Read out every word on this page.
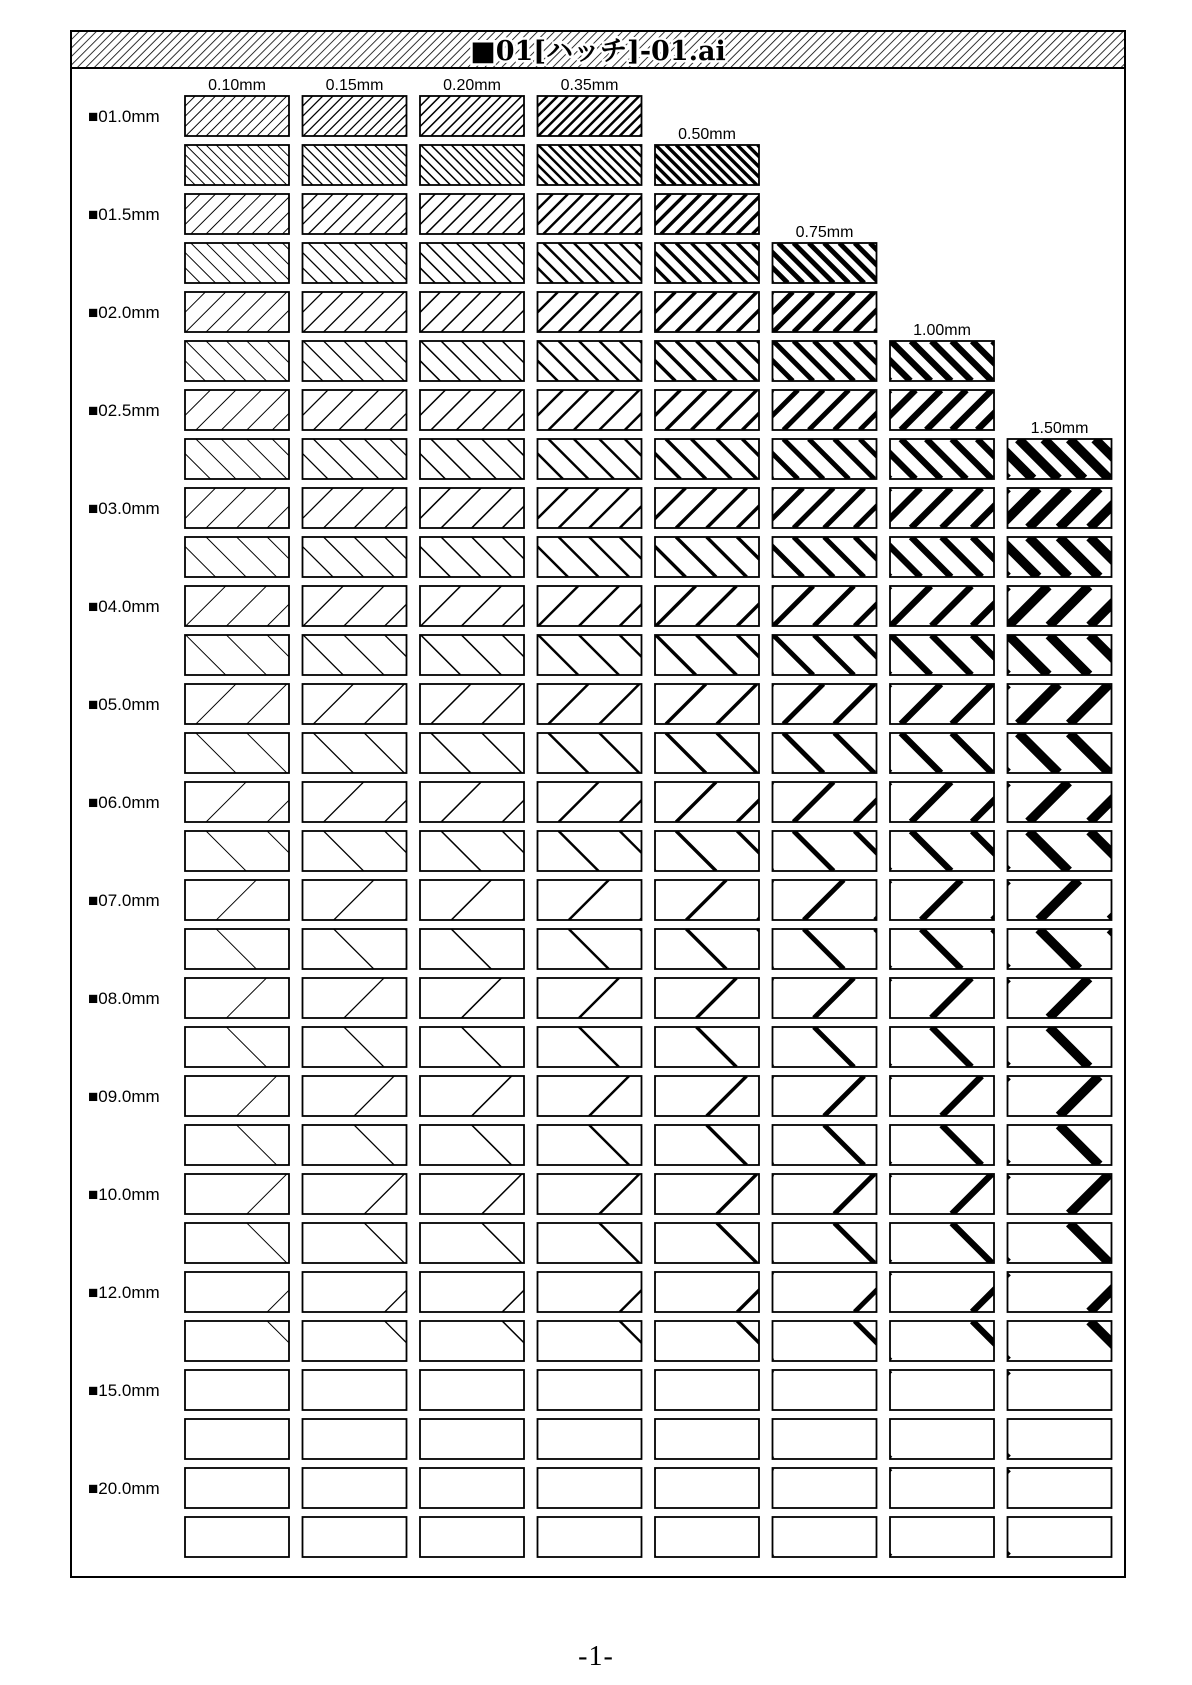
■01[ハッチ]-01.ai
0.10mm	0.15mm	0.20mm	0.35mm
0.50mm
0.75mm
1.00mm
1.50mm
■01.0mm
■01.5mm
■02.0mm
■02.5mm
■03.0mm
■04.0mm
■05.0mm
■06.0mm
■07.0mm
■08.0mm
■09.0mm
■10.0mm
■12.0mm
■15.0mm
■20.0mm
-1-
